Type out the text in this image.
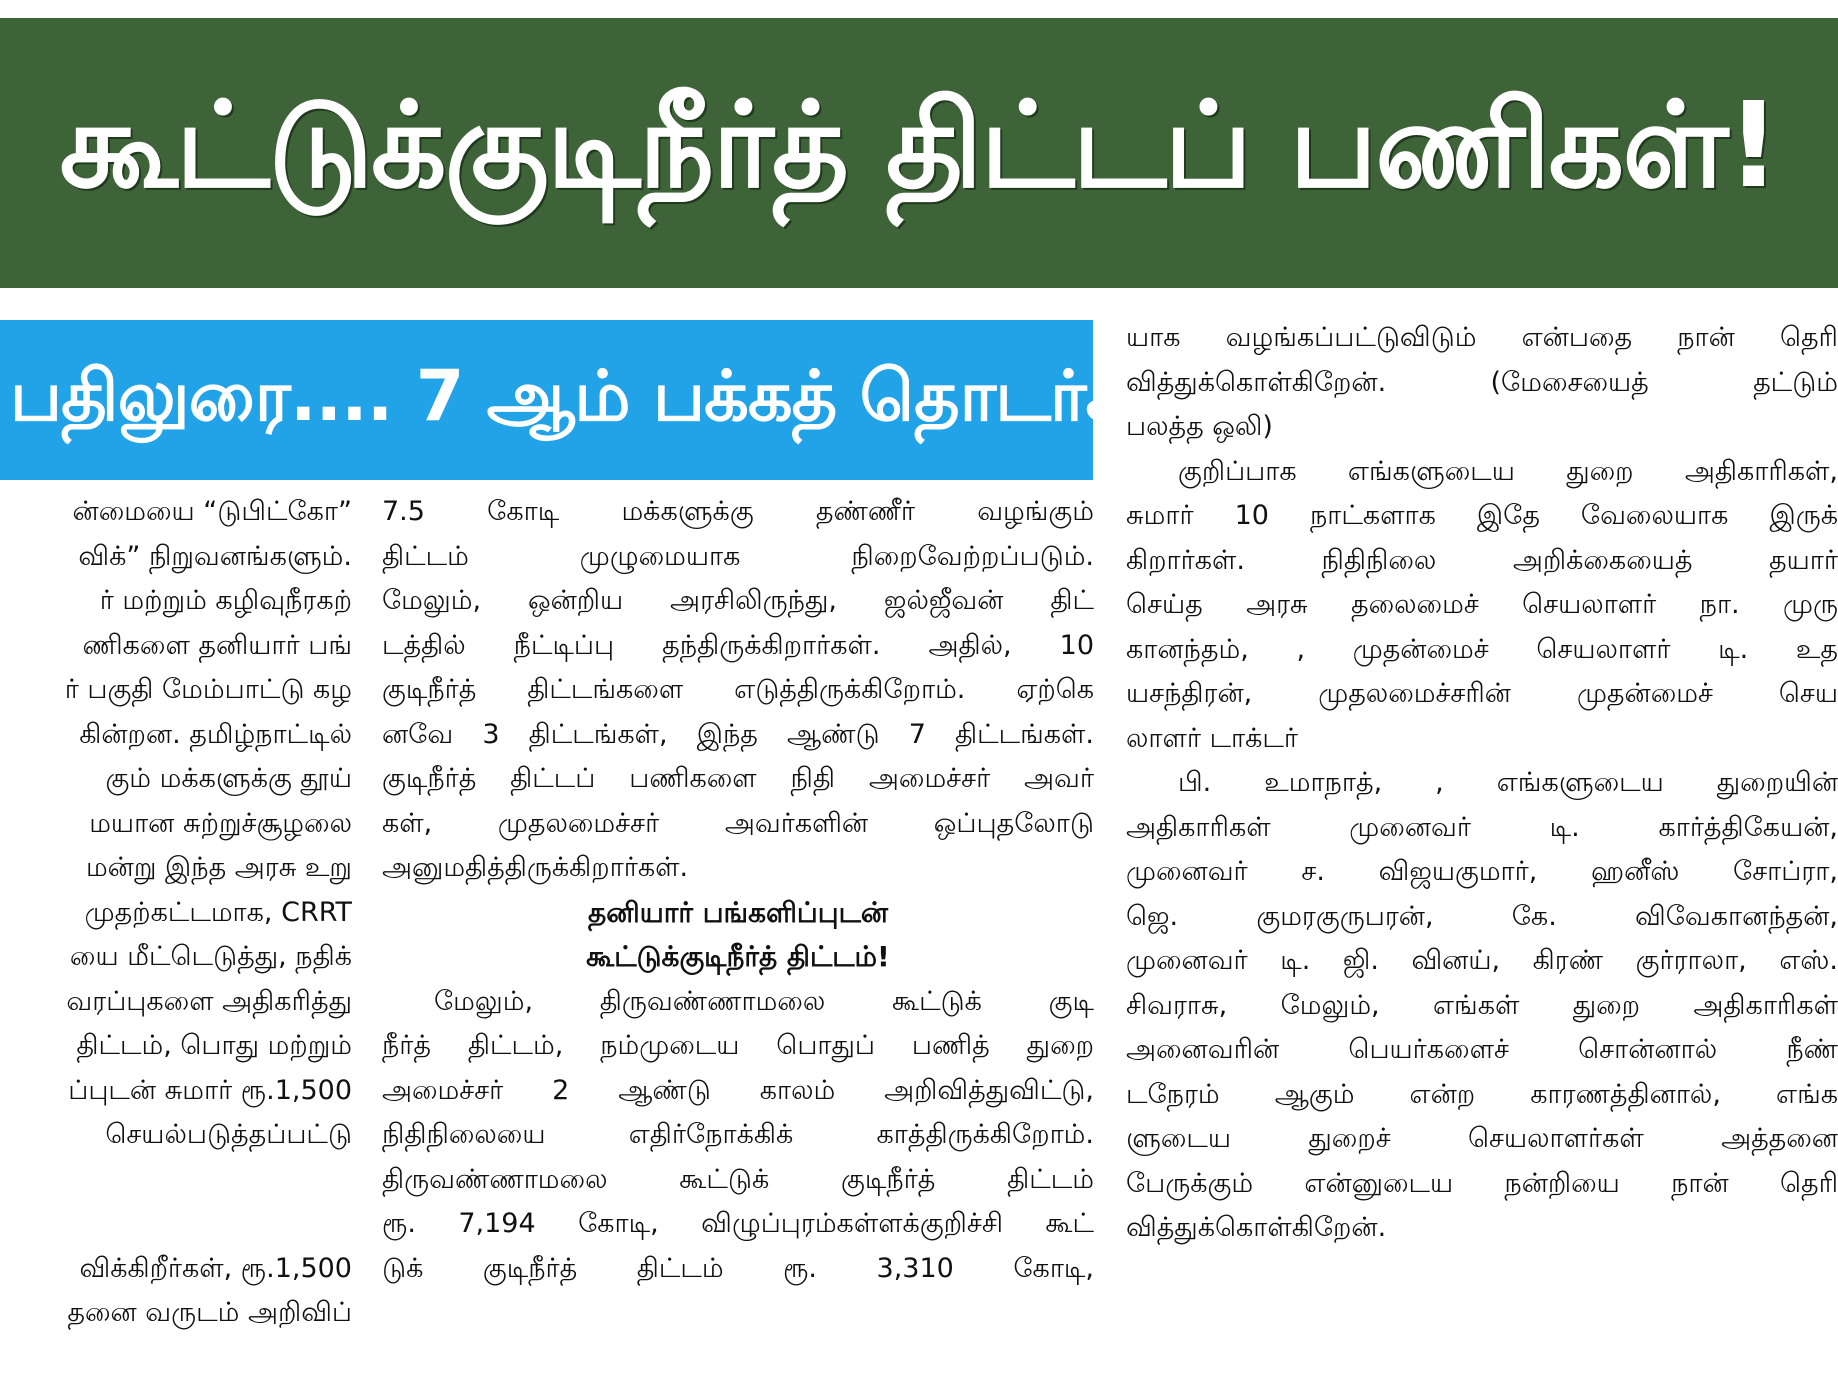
கூட்டுக்குடிநீர்த் திட்டப் பணிகள்!
பதிலுரை.... 7 ஆம் பக்கத் தொடர்ச்சி
ன்மையை “டுபிட்கோ”
விக்” நிறுவனங்களும்.
ர் மற்றும் கழிவுநீரகற்
ணிகளை தனியார் பங்
ர் பகுதி மேம்பாட்டு கழ
கின்றன. தமிழ்நாட்டில்
கும் மக்களுக்கு தூய்
மயான சுற்றுச்சூழலை
மன்று இந்த அரசு உறு
முதற்கட்டமாக, CRRT
யை மீட்டெடுத்து, நதிக்
வரப்புகளை அதிகரித்து
திட்டம், பொது மற்றும்
ப்புடன் சுமார் ரூ.1,500
செயல்படுத்தப்பட்டு
விக்கிறீர்கள், ரூ.1,500
தனை வருடம் அறிவிப்
7.5 கோடி மக்களுக்கு தண்ணீர் வழங்கும்
திட்டம் முழுமையாக நிறைவேற்றப்படும்.
மேலும், ஒன்றிய அரசிலிருந்து, ஜல்ஜீவன் திட்
டத்தில் நீட்டிப்பு தந்திருக்கிறார்கள். அதில், 10
குடிநீர்த் திட்டங்களை எடுத்திருக்கிறோம். ஏற்கெ
னவே 3 திட்டங்கள், இந்த ஆண்டு 7 திட்டங்கள்.
குடிநீர்த் திட்டப் பணிகளை நிதி அமைச்சர் அவர்
கள், முதலமைச்சர் அவர்களின் ஒப்புதலோடு
அனுமதித்திருக்கிறார்கள்.
தனியார் பங்களிப்புடன்
கூட்டுக்குடிநீர்த் திட்டம்!
மேலும், திருவண்ணாமலை கூட்டுக் குடி
நீர்த் திட்டம், நம்முடைய பொதுப் பணித் துறை
அமைச்சர் 2 ஆண்டு காலம் அறிவித்துவிட்டு,
நிதிநிலையை எதிர்நோக்கிக் காத்திருக்கிறோம்.
திருவண்ணாமலை கூட்டுக் குடிநீர்த் திட்டம்
ரூ. 7,194 கோடி, விழுப்புரம்கள்ளக்குறிச்சி கூட்
டுக் குடிநீர்த் திட்டம் ரூ. 3,310 கோடி,
யாக வழங்கப்பட்டுவிடும் என்பதை நான் தெரி
வித்துக்கொள்கிறேன். (மேசையைத் தட்டும்
பலத்த ஒலி)
குறிப்பாக எங்களுடைய துறை அதிகாரிகள்,
சுமார் 10 நாட்களாக இதே வேலையாக இருக்
கிறார்கள். நிதிநிலை அறிக்கையைத் தயார்
செய்த அரசு தலைமைச் செயலாளர் நா. முரு
கானந்தம், , முதன்மைச் செயலாளர் டி. உத
யசந்திரன், முதலமைச்சரின் முதன்மைச் செய
லாளர் டாக்டர்
பி. உமாநாத், , எங்களுடைய துறையின்
அதிகாரிகள் முனைவர் டி. கார்த்திகேயன்,
முனைவர் ச. விஜயகுமார், ஹனீஸ் சோப்ரா,
ஜெ. குமரகுருபரன், கே. விவேகானந்தன்,
முனைவர் டி. ஜி. வினய், கிரண் குர்ராலா, எஸ்.
சிவராசு, மேலும், எங்கள் துறை அதிகாரிகள்
அனைவரின் பெயர்களைச் சொன்னால் நீண்
டநேரம் ஆகும் என்ற காரணத்தினால், எங்க
ளுடைய துறைச் செயலாளர்கள் அத்தனை
பேருக்கும் என்னுடைய நன்றியை நான் தெரி
வித்துக்கொள்கிறேன்.
